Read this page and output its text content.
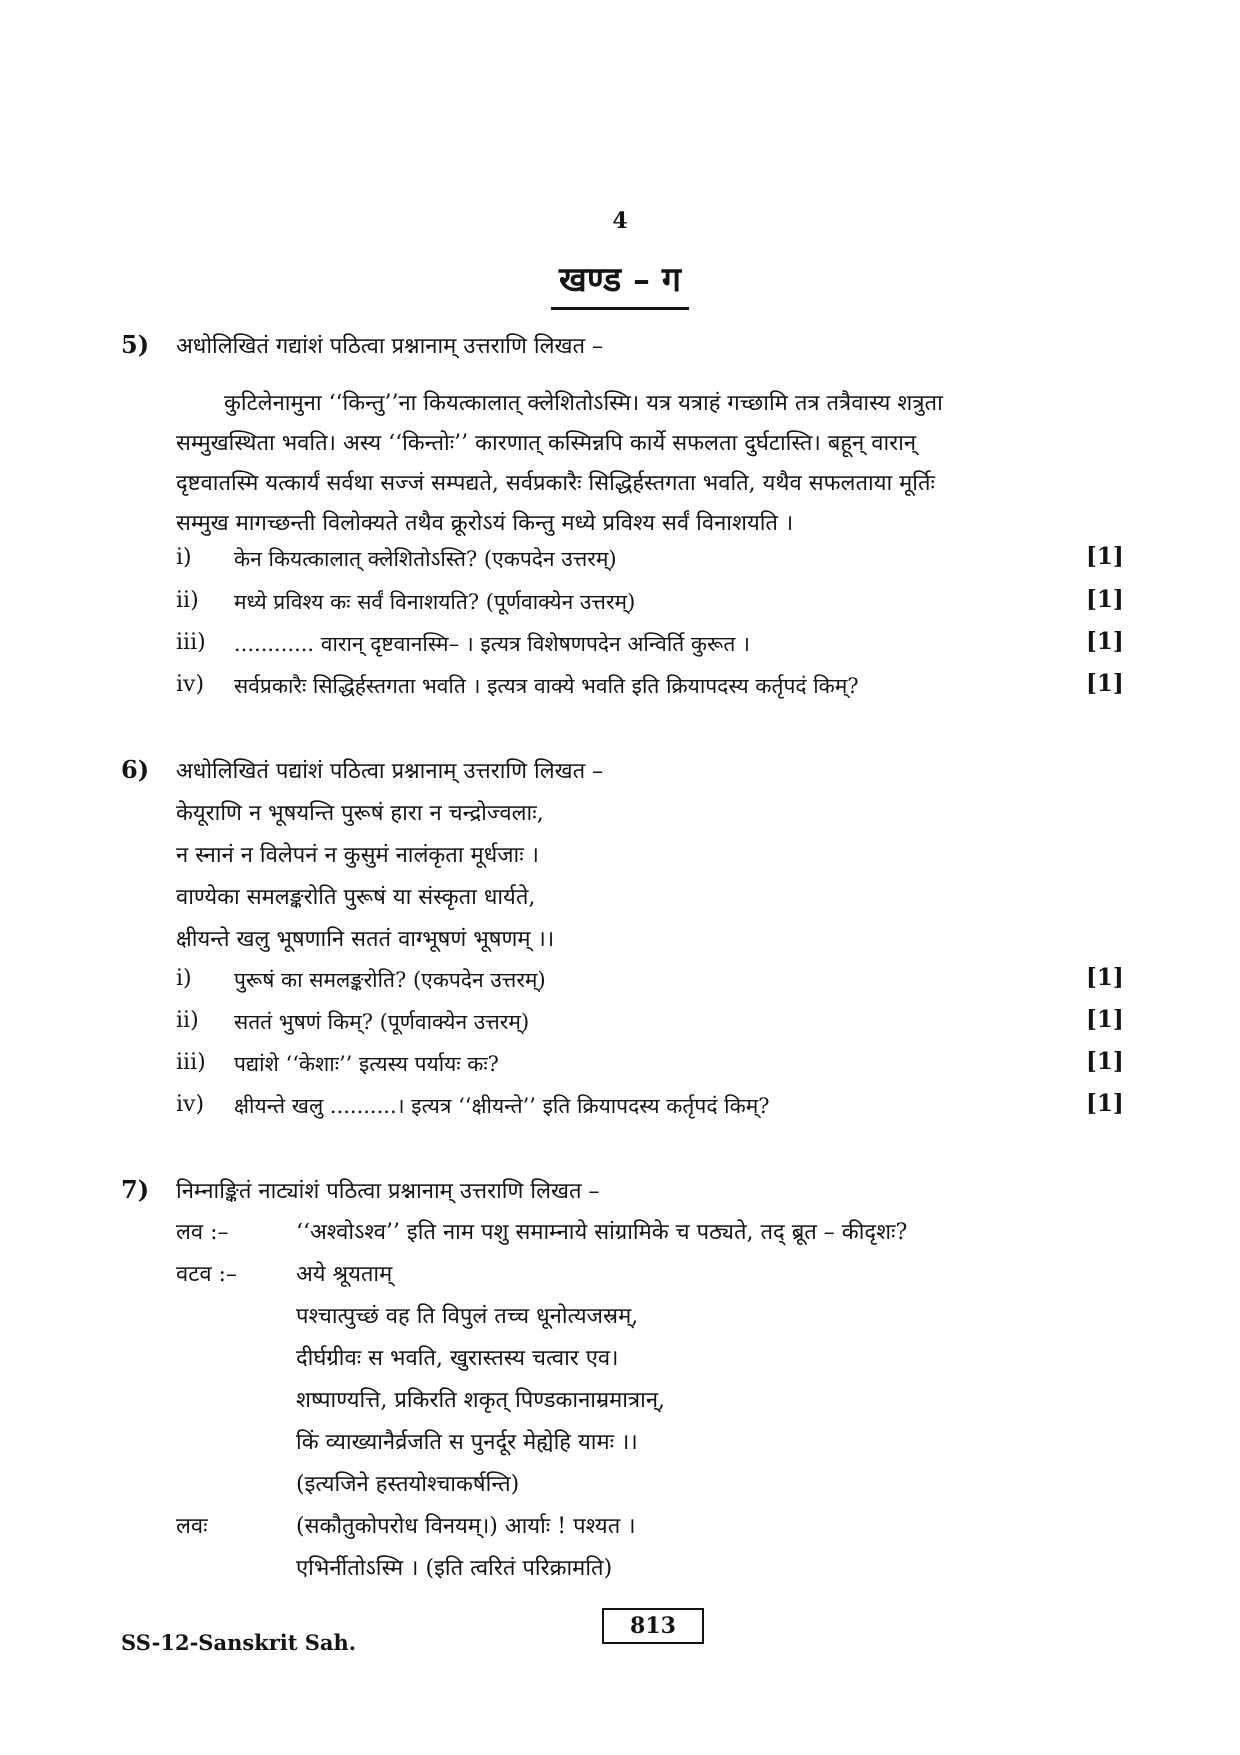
4
खण्ड – ग
5) अधोलिखितं गद्यांशं पठित्वा प्रश्नानाम् उत्तराणि लिखत –
कुटिलेनामुना ‘‘किन्तु’’ना कियत्कालात् क्लेशितोऽस्मि। यत्र यत्राहं गच्छामि तत्र तत्रैवास्य शत्रुता
सम्मुखस्थिता भवति। अस्य ‘‘किन्तोः’’ कारणात् कस्मिन्नपि कार्ये सफलता दुर्घटास्ति। बहून् वारान्
दृष्टवातस्मि यत्कार्यं सर्वथा सज्जं सम्पद्यते, सर्वप्रकारैः सिद्धिर्हस्तगता भवति, यथैव सफलताया मूर्तिः
सम्मुख मागच्छन्ती विलोक्यते तथैव क्रूरोऽयं किन्तु मध्ये प्रविश्य सर्वं विनाशयति ।
i) केन कियत्कालात् क्लेशितोऽस्ति? (एकपदेन उत्तरम्)	[1]
ii) मध्ये प्रविश्य कः सर्वं विनाशयति? (पूर्णवाक्येन उत्तरम्)	[1]
iii) ............ वारान् दृष्टवानस्मि– । इत्यत्र विशेषणपदेन अन्विर्ति कुरूत ।	[1]
iv) सर्वप्रकारैः सिद्धिर्हस्तगता भवति । इत्यत्र वाक्ये भवति इति क्रियापदस्य कर्तृपदं किम्?	[1]
6) अधोलिखितं पद्यांशं पठित्वा प्रश्नानाम् उत्तराणि लिखत –
केयूराणि न भूषयन्ति पुरूषं हारा न चन्द्रोज्वलाः,
न स्नानं न विलेपनं न कुसुमं नालंकृता मूर्धजाः ।
वाण्येका समलङ्करोति पुरूषं या संस्कृता धार्यते,
क्षीयन्ते खलु भूषणानि सततं वाग्भूषणं भूषणम् ।।
i) पुरूषं का समलङ्करोति? (एकपदेन उत्तरम्)	[1]
ii) सततं भुषणं किम्? (पूर्णवाक्येन उत्तरम्)	[1]
iii) पद्यांशे ‘‘केशाः’’ इत्यस्य पर्यायः कः?	[1]
iv) क्षीयन्ते खलु ..........। इत्यत्र ‘‘क्षीयन्ते’’ इति क्रियापदस्य कर्तृपदं किम्?	[1]
7) निम्नाङ्कितं नाट्यांशं पठित्वा प्रश्नानाम् उत्तराणि लिखत –
लव :–	‘‘अश्वोऽश्व’’ इति नाम पशु समाम्नाये सांग्रामिके च पठ्यते, तद् ब्रूत – कीदृशः?
वटव :–	अये श्रूयताम्
पश्चात्पुच्छं वह ति विपुलं तच्च धूनोत्यजस्रम्,
दीर्घग्रीवः स भवति, खुरास्तस्य चत्वार एव।
शष्पाण्यत्ति, प्रकिरति शकृत् पिण्डकानाम्रमात्रान्,
किं व्याख्यानैर्व्रजति स पुनर्दूर मेह्येहि यामः ।।
(इत्यजिने हस्तयोश्चाकर्षन्ति)
लवः	(सकौतुकोपरोध विनयम्।) आर्याः ! पश्यत ।
एभिर्नीतोऽस्मि । (इति त्वरितं परिक्रामति)
SS-12-Sanskrit Sah.
813
